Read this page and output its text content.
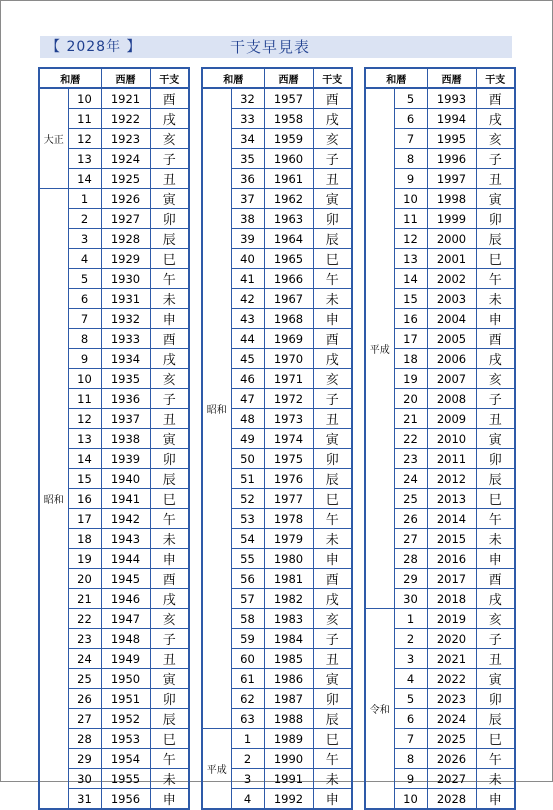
【 2028年 】	干支早見表
和暦		西暦	干支
大正	10	1921	酉
	11	1922	戌
	12	1923	亥
	13	1924	子
	14	1925	丑
昭和	1	1926	寅
	2	1927	卯
	3	1928	辰
	4	1929	巳
	5	1930	午
	6	1931	未
	7	1932	申
	8	1933	酉
	9	1934	戌
	10	1935	亥
	11	1936	子
	12	1937	丑
	13	1938	寅
	14	1939	卯
	15	1940	辰
	16	1941	巳
	17	1942	午
	18	1943	未
	19	1944	申
	20	1945	酉
	21	1946	戌
	22	1947	亥
	23	1948	子
	24	1949	丑
	25	1950	寅
	26	1951	卯
	27	1952	辰
	28	1953	巳
	29	1954	午
	30	1955	未
	31	1956	申
和暦		西暦	干支
昭和	32	1957	酉
	33	1958	戌
	34	1959	亥
	35	1960	子
	36	1961	丑
	37	1962	寅
	38	1963	卯
	39	1964	辰
	40	1965	巳
	41	1966	午
	42	1967	未
	43	1968	申
	44	1969	酉
	45	1970	戌
	46	1971	亥
	47	1972	子
	48	1973	丑
	49	1974	寅
	50	1975	卯
	51	1976	辰
	52	1977	巳
	53	1978	午
	54	1979	未
	55	1980	申
	56	1981	酉
	57	1982	戌
	58	1983	亥
	59	1984	子
	60	1985	丑
	61	1986	寅
	62	1987	卯
	63	1988	辰
平成	1	1989	巳
	2	1990	午
	3	1991	未
	4	1992	申
和暦		西暦	干支
平成	5	1993	酉
	6	1994	戌
	7	1995	亥
	8	1996	子
	9	1997	丑
	10	1998	寅
	11	1999	卯
	12	2000	辰
	13	2001	巳
	14	2002	午
	15	2003	未
	16	2004	申
	17	2005	酉
	18	2006	戌
	19	2007	亥
	20	2008	子
	21	2009	丑
	22	2010	寅
	23	2011	卯
	24	2012	辰
	25	2013	巳
	26	2014	午
	27	2015	未
	28	2016	申
	29	2017	酉
	30	2018	戌
令和	1	2019	亥
	2	2020	子
	3	2021	丑
	4	2022	寅
	5	2023	卯
	6	2024	辰
	7	2025	巳
	8	2026	午
	9	2027	未
	10	2028	申
